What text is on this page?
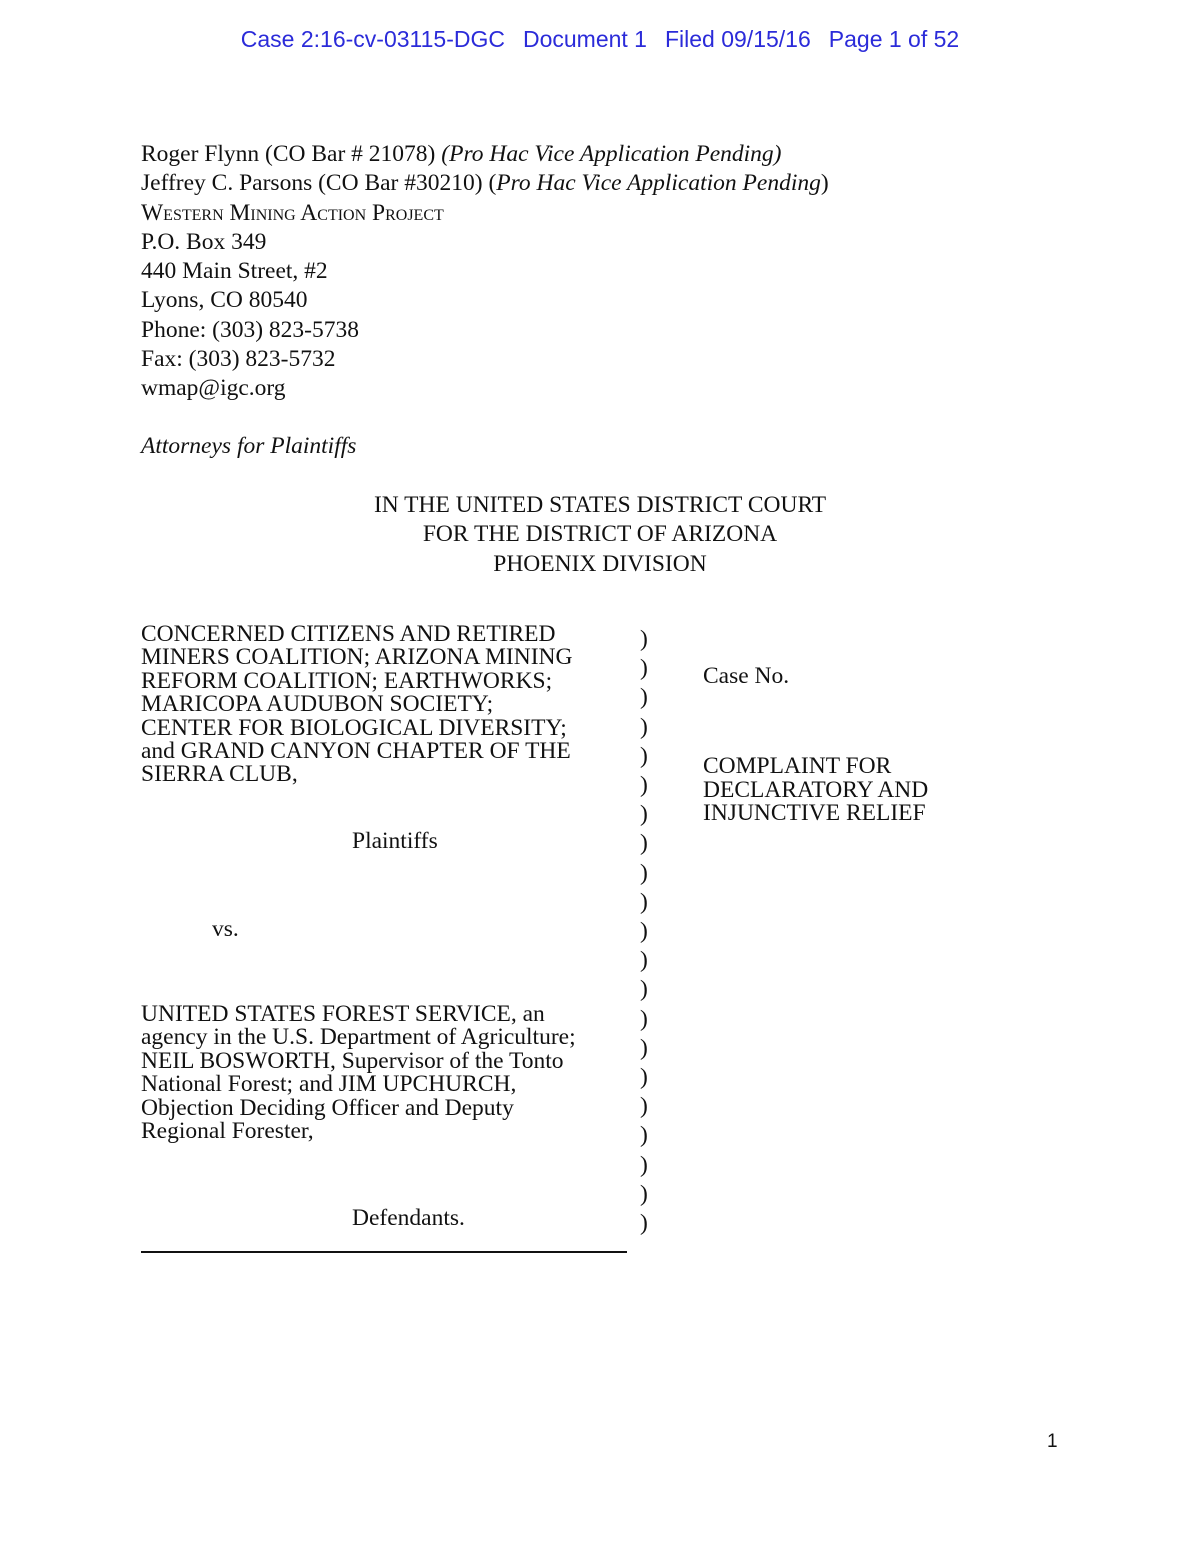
Case 2:16-cv-03115-DGC Document 1 Filed 09/15/16 Page 1 of 52
Roger Flynn (CO Bar # 21078) (Pro Hac Vice Application Pending)
Jeffrey C. Parsons (CO Bar #30210) (Pro Hac Vice Application Pending)
Western Mining Action Project
P.O. Box 349
440 Main Street, #2
Lyons, CO 80540
Phone: (303) 823-5738
Fax: (303) 823-5732
wmap@igc.org
Attorneys for Plaintiffs
IN THE UNITED STATES DISTRICT COURT
FOR THE DISTRICT OF ARIZONA
PHOENIX DIVISION
CONCERNED CITIZENS AND RETIRED
MINERS COALITION; ARIZONA MINING
REFORM COALITION; EARTHWORKS;
MARICOPA AUDUBON SOCIETY;
CENTER FOR BIOLOGICAL DIVERSITY;
and GRAND CANYON CHAPTER OF THE
SIERRA CLUB,
Plaintiffs
vs.
UNITED STATES FOREST SERVICE, an
agency in the U.S. Department of Agriculture;
NEIL BOSWORTH, Supervisor of the Tonto
National Forest; and JIM UPCHURCH,
Objection Deciding Officer and Deputy
Regional Forester,
Defendants.
)
)
)
)
)
)
)
)
)
)
)
)
)
)
)
)
)
)
)
)
)
Case No.
COMPLAINT FOR
DECLARATORY AND
INJUNCTIVE RELIEF
1
